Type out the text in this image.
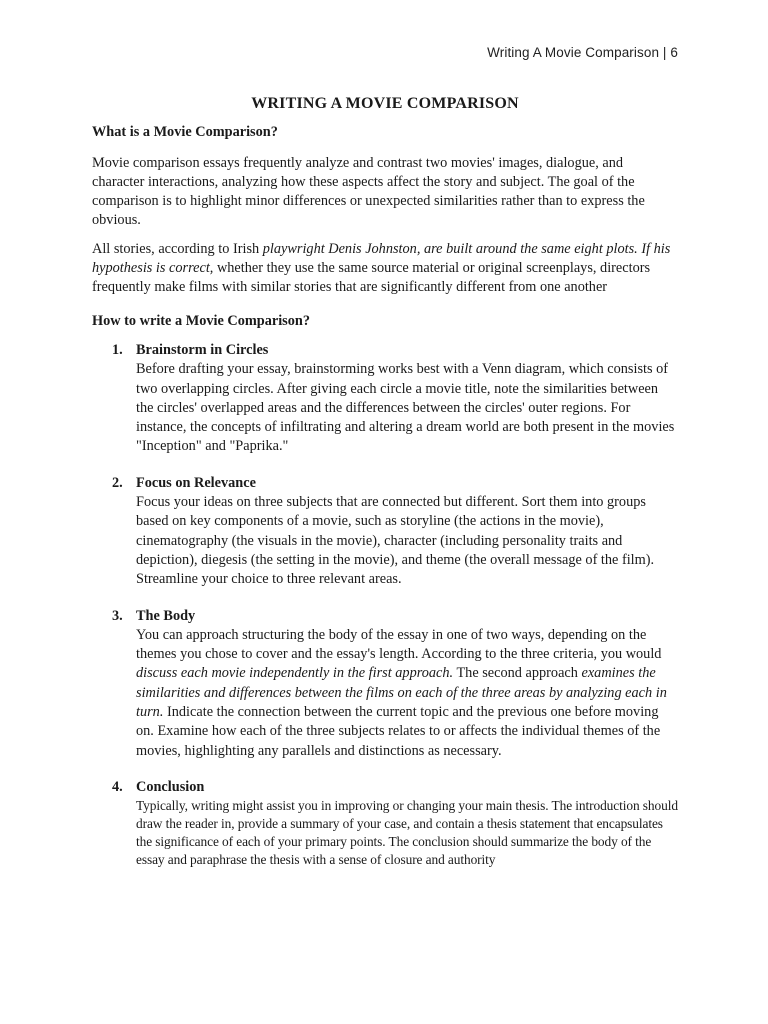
Writing A Movie Comparison | 6
WRITING A MOVIE COMPARISON
What is a Movie Comparison?

Movie comparison essays frequently analyze and contrast two movies' images, dialogue, and character interactions, analyzing how these aspects affect the story and subject. The goal of the comparison is to highlight minor differences or unexpected similarities rather than to express the obvious.

All stories, according to Irish playwright Denis Johnston, are built around the same eight plots. If his hypothesis is correct, whether they use the same source material or original screenplays, directors frequently make films with similar stories that are significantly different from one another

How to write a Movie Comparison?
1. Brainstorm in Circles
Before drafting your essay, brainstorming works best with a Venn diagram, which consists of two overlapping circles. After giving each circle a movie title, note the similarities between the circles' overlapped areas and the differences between the circles' outer regions. For instance, the concepts of infiltrating and altering a dream world are both present in the movies "Inception" and "Paprika."
2. Focus on Relevance
Focus your ideas on three subjects that are connected but different. Sort them into groups based on key components of a movie, such as storyline (the actions in the movie), cinematography (the visuals in the movie), character (including personality traits and depiction), diegesis (the setting in the movie), and theme (the overall message of the film). Streamline your choice to three relevant areas.
3. The Body
You can approach structuring the body of the essay in one of two ways, depending on the themes you chose to cover and the essay's length. According to the three criteria, you would discuss each movie independently in the first approach. The second approach examines the similarities and differences between the films on each of the three areas by analyzing each in turn. Indicate the connection between the current topic and the previous one before moving on. Examine how each of the three subjects relates to or affects the individual themes of the movies, highlighting any parallels and distinctions as necessary.
4. Conclusion
Typically, writing might assist you in improving or changing your main thesis. The introduction should draw the reader in, provide a summary of your case, and contain a thesis statement that encapsulates the significance of each of your primary points. The conclusion should summarize the body of the essay and paraphrase the thesis with a sense of closure and authority
